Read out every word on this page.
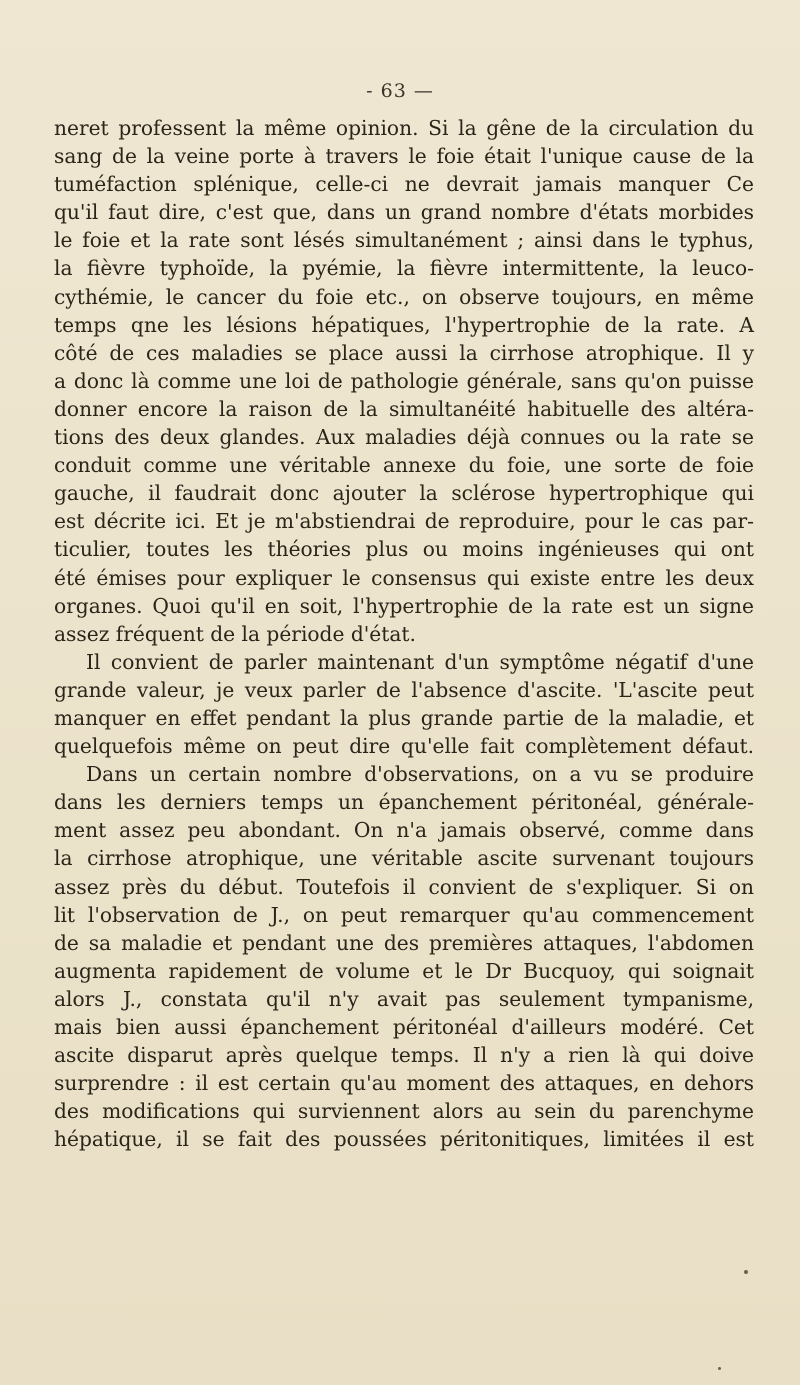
- 63 —
neret professent la même opinion. Si la gêne de la circulation du
sang de la veine porte à travers le foie était l'unique cause de la
tuméfaction splénique, celle-ci ne devrait jamais manquer Ce
qu'il faut dire, c'est que, dans un grand nombre d'états morbides
le foie et la rate sont lésés simultanément ; ainsi dans le typhus,
la fièvre typhoïde, la pyémie, la fièvre intermittente, la leuco-
cythémie, le cancer du foie etc., on observe toujours, en même
temps qne les lésions hépatiques, l'hypertrophie de la rate. A
côté de ces maladies se place aussi la cirrhose atrophique. Il y
a donc là comme une loi de pathologie générale, sans qu'on puisse
donner encore la raison de la simultanéité habituelle des altéra-
tions des deux glandes. Aux maladies déjà connues ou la rate se
conduit comme une véritable annexe du foie, une sorte de foie
gauche, il faudrait donc ajouter la sclérose hypertrophique qui
est décrite ici. Et je m'abstiendrai de reproduire, pour le cas par-
ticulier, toutes les théories plus ou moins ingénieuses qui ont
été émises pour expliquer le consensus qui existe entre les deux
organes. Quoi qu'il en soit, l'hypertrophie de la rate est un signe
assez fréquent de la période d'état.
Il convient de parler maintenant d'un symptôme négatif d'une
grande valeur, je veux parler de l'absence d'ascite. 'L'ascite peut
manquer en effet pendant la plus grande partie de la maladie, et
quelquefois même on peut dire qu'elle fait complètement défaut.
Dans un certain nombre d'observations, on a vu se produire
dans les derniers temps un épanchement péritonéal, générale-
ment assez peu abondant. On n'a jamais observé, comme dans
la cirrhose atrophique, une véritable ascite survenant toujours
assez près du début. Toutefois il convient de s'expliquer. Si on
lit l'observation de J., on peut remarquer qu'au commencement
de sa maladie et pendant une des premières attaques, l'abdomen
augmenta rapidement de volume et le Dr Bucquoy, qui soignait
alors J., constata qu'il n'y avait pas seulement tympanisme,
mais bien aussi épanchement péritonéal d'ailleurs modéré. Cet
ascite disparut après quelque temps. Il n'y a rien là qui doive
surprendre : il est certain qu'au moment des attaques, en dehors
des modifications qui surviennent alors au sein du parenchyme
hépatique, il se fait des poussées péritonitiques, limitées il est
